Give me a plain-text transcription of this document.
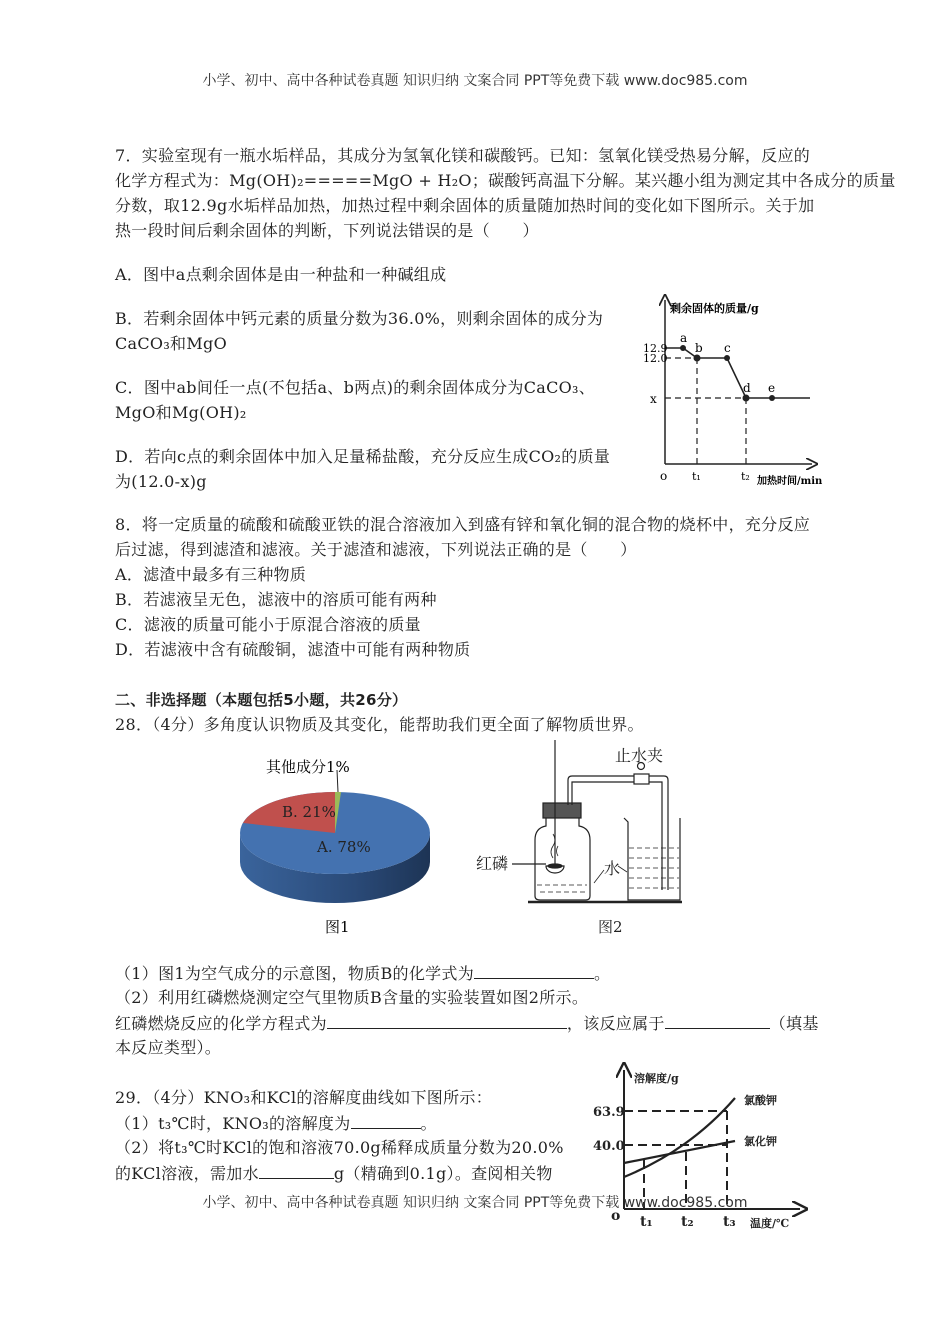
小学、初中、高中各种试卷真题 知识归纳 文案合同 PPT等免费下载 www.doc985.com
7．实验室现有一瓶水垢样品，其成分为氢氧化镁和碳酸钙。已知：氢氧化镁受热易分解，反应的
化学方程式为：Mg(OH)₂=====MgO + H₂O；碳酸钙高温下分解。某兴趣小组为测定其中各成分的质量
分数，取12.9g水垢样品加热，加热过程中剩余固体的质量随加热时间的变化如下图所示。关于加
热一段时间后剩余固体的判断，下列说法错误的是（　　）
A．图中a点剩余固体是由一种盐和一种碱组成
B．若剩余固体中钙元素的质量分数为36.0%，则剩余固体的成分为
CaCO₃和MgO
C．图中ab间任一点(不包括a、b两点)的剩余固体成分为CaCO₃、
MgO和Mg(OH)₂
D．若向c点的剩余固体中加入足量稀盐酸，充分反应生成CO₂的质量
为(12.0-x)g
剩余固体的质量/g
12.9
12.0
x
o t₁	t₂ 加热时间/min
a
b c
d e
其他成分1%
B. 21%
A. 78%
图1
红磷	水
止水夹
图2
溶解度/g
63.9
40.0
o t₁ t₂ t₃ 温度/℃
氯酸钾
氯化钾
8．将一定质量的硫酸和硫酸亚铁的混合溶液加入到盛有锌和氧化铜的混合物的烧杯中，充分反应
后过滤，得到滤渣和滤液。关于滤渣和滤液，下列说法正确的是（　　）
A．滤渣中最多有三种物质
B．若滤液呈无色，滤液中的溶质可能有两种
C．滤液的质量可能小于原混合溶液的质量
D．若滤液中含有硫酸铜，滤渣中可能有两种物质
二、非选择题（本题包括5小题，共26分）
28．（4分）多角度认识物质及其变化，能帮助我们更全面了解物质世界。
（1）图1为空气成分的示意图，物质B的化学式为	。
（2）利用红磷燃烧测定空气里物质B含量的实验装置如图2所示。
红磷燃烧反应的化学方程式为	，该反应属于	（填基
本反应类型）。
29．（4分）KNO₃和KCl的溶解度曲线如下图所示：
（1）t₃℃时，KNO₃的溶解度为	。
（2）将t₃℃时KCl的饱和溶液70.0g稀释成质量分数为20.0%
的KCl溶液，需加水	g（精确到0.1g）。查阅相关物
小学、初中、高中各种试卷真题 知识归纳 文案合同 PPT等免费下载 www.doc985.com
